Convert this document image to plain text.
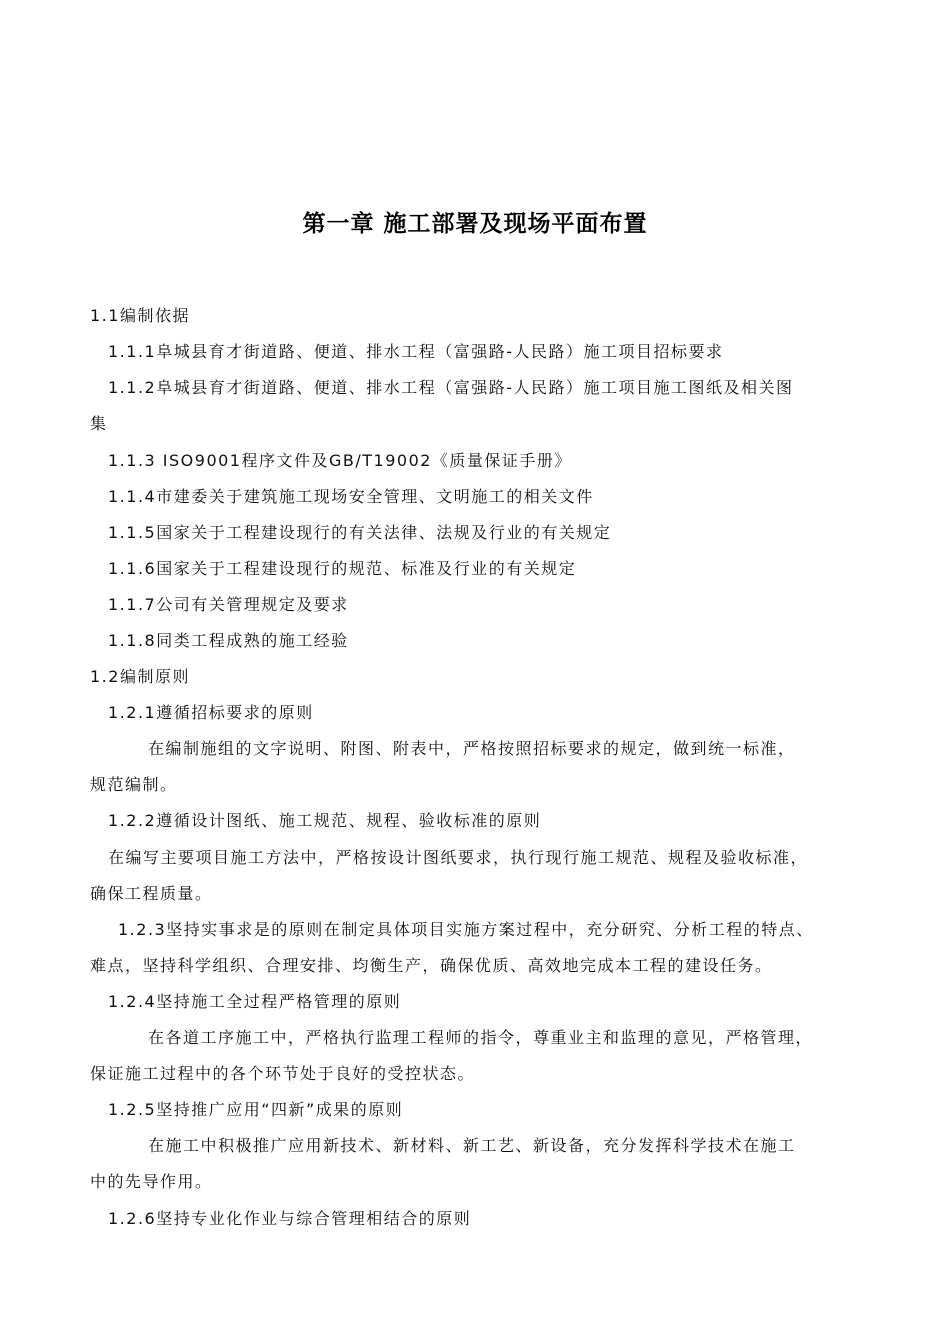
第一章 施工部署及现场平面布置
1.1编制依据
1.1.1阜城县育才街道路、便道、排水工程（富强路-人民路）施工项目招标要求
1.1.2阜城县育才街道路、便道、排水工程（富强路-人民路）施工项目施工图纸及相关图
集
1.1.3 ISO9001程序文件及GB/T19002《质量保证手册》
1.1.4市建委关于建筑施工现场安全管理、文明施工的相关文件
1.1.5国家关于工程建设现行的有关法律、法规及行业的有关规定
1.1.6国家关于工程建设现行的规范、标准及行业的有关规定
1.1.7公司有关管理规定及要求
1.1.8同类工程成熟的施工经验
1.2编制原则
1.2.1遵循招标要求的原则
在编制施组的文字说明、附图、附表中，严格按照招标要求的规定，做到统一标准，
规范编制。
1.2.2遵循设计图纸、施工规范、规程、验收标准的原则
在编写主要项目施工方法中，严格按设计图纸要求，执行现行施工规范、规程及验收标准，
确保工程质量。
1.2.3坚持实事求是的原则在制定具体项目实施方案过程中，充分研究、分析工程的特点、
难点，坚持科学组织、合理安排、均衡生产，确保优质、高效地完成本工程的建设任务。
1.2.4坚持施工全过程严格管理的原则
在各道工序施工中，严格执行监理工程师的指令，尊重业主和监理的意见，严格管理，
保证施工过程中的各个环节处于良好的受控状态。
1.2.5坚持推广应用“四新”成果的原则
在施工中积极推广应用新技术、新材料、新工艺、新设备，充分发挥科学技术在施工
中的先导作用。
1.2.6坚持专业化作业与综合管理相结合的原则
